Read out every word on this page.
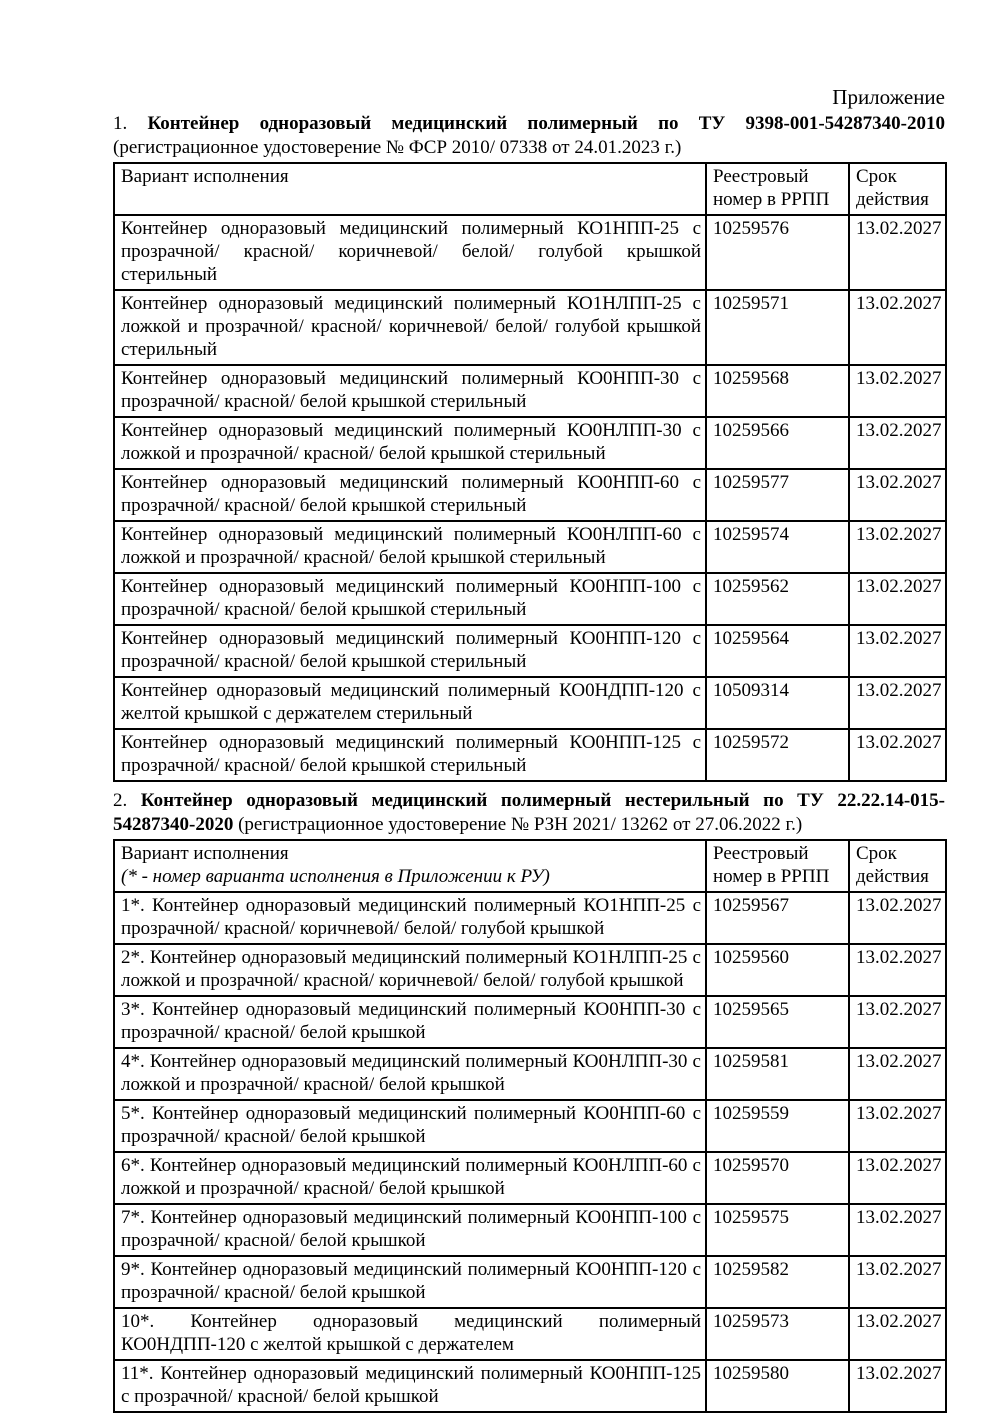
Приложение

1. Контейнер одноразовый медицинский полимерный по ТУ 9398-001-54287340-2010 (регистрационное удостоверение № ФСР 2010/ 07338 от 24.01.2023 г.)

Вариант исполнения	Реестровый номер в РРПП	Срок действия
Контейнер одноразовый медицинский полимерный КО1НПП-25 с прозрачной/ красной/ коричневой/ белой/ голубой крышкой стерильный	10259576	13.02.2027
Контейнер одноразовый медицинский полимерный КО1НЛПП-25 с ложкой и прозрачной/ красной/ коричневой/ белой/ голубой крышкой стерильный	10259571	13.02.2027
Контейнер одноразовый медицинский полимерный КО0НПП-30 с прозрачной/ красной/ белой крышкой стерильный	10259568	13.02.2027
Контейнер одноразовый медицинский полимерный КО0НЛПП-30 с ложкой и прозрачной/ красной/ белой крышкой стерильный	10259566	13.02.2027
Контейнер одноразовый медицинский полимерный КО0НПП-60 с прозрачной/ красной/ белой крышкой стерильный	10259577	13.02.2027
Контейнер одноразовый медицинский полимерный КО0НЛПП-60 с ложкой и прозрачной/ красной/ белой крышкой стерильный	10259574	13.02.2027
Контейнер одноразовый медицинский полимерный КО0НПП-100 с прозрачной/ красной/ белой крышкой стерильный	10259562	13.02.2027
Контейнер одноразовый медицинский полимерный КО0НПП-120 с прозрачной/ красной/ белой крышкой стерильный	10259564	13.02.2027
Контейнер одноразовый медицинский полимерный КО0НДПП-120 с желтой крышкой с держателем стерильный	10509314	13.02.2027
Контейнер одноразовый медицинский полимерный КО0НПП-125 с прозрачной/ красной/ белой крышкой стерильный	10259572	13.02.2027

2. Контейнер одноразовый медицинский полимерный нестерильный по ТУ 22.22.14-015-54287340-2020 (регистрационное удостоверение № РЗН 2021/ 13262 от 27.06.2022 г.)

Вариант исполнения
(* - номер варианта исполнения в Приложении к РУ)	Реестровый номер в РРПП	Срок действия
1*. Контейнер одноразовый медицинский полимерный КО1НПП-25 с прозрачной/ красной/ коричневой/ белой/ голубой крышкой	10259567	13.02.2027
2*. Контейнер одноразовый медицинский полимерный КО1НЛПП-25 с ложкой и прозрачной/ красной/ коричневой/ белой/ голубой крышкой	10259560	13.02.2027
3*. Контейнер одноразовый медицинский полимерный КО0НПП-30 с прозрачной/ красной/ белой крышкой	10259565	13.02.2027
4*. Контейнер одноразовый медицинский полимерный КО0НЛПП-30 с ложкой и прозрачной/ красной/ белой крышкой	10259581	13.02.2027
5*. Контейнер одноразовый медицинский полимерный КО0НПП-60 с прозрачной/ красной/ белой крышкой	10259559	13.02.2027
6*. Контейнер одноразовый медицинский полимерный КО0НЛПП-60 с ложкой и прозрачной/ красной/ белой крышкой	10259570	13.02.2027
7*. Контейнер одноразовый медицинский полимерный КО0НПП-100 с прозрачной/ красной/ белой крышкой	10259575	13.02.2027
9*. Контейнер одноразовый медицинский полимерный КО0НПП-120 с прозрачной/ красной/ белой крышкой	10259582	13.02.2027
10*. Контейнер одноразовый медицинский полимерный КО0НДПП-120 с желтой крышкой с держателем	10259573	13.02.2027
11*. Контейнер одноразовый медицинский полимерный КО0НПП-125 с прозрачной/ красной/ белой крышкой	10259580	13.02.2027
